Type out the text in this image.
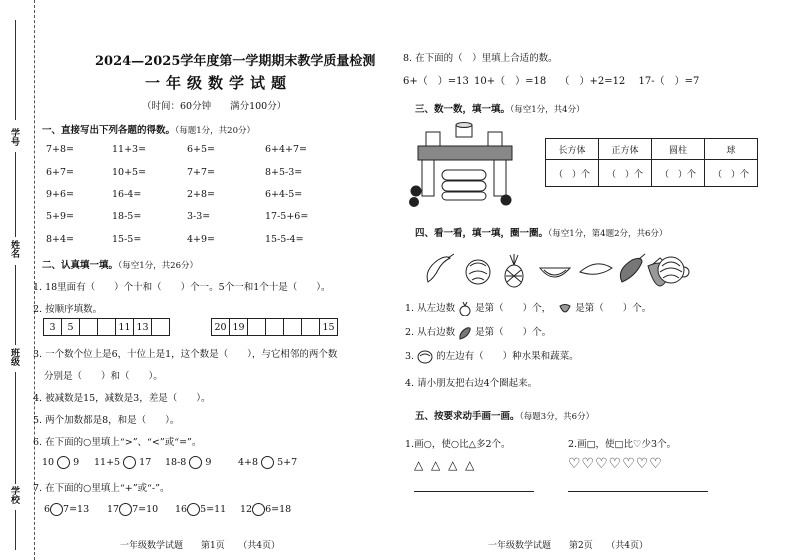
学号
姓名
班级
学校
2024—2025学年度第一学期期末教学质量检测
一年级数学试题
（时间：60分钟　　满分100分）
一、直接写出下列各题的得数。（每题1分，共20分）
7+8=	11+3=	6+5=	6+4+7=
6+7=	10+5=	7+7=	8+5-3=
9+6=	16-4=	2+8=	6+4-5=
5+9=	18-5=	3-3=	17-5+6=
8+4=	15-5=	4+9=	15-5-4=
二、认真填一填。（每空1分，共26分）
1. 18里面有（　　）个十和（　　）个一。5个一和1个十是（　　）。
2. 按顺序填数。
3	5			11	13		20	19					15
3. 一个数个位上是6，十位上是1，这个数是（　　），与它相邻的两个数
分别是（　　）和（　　）。
4. 被减数是15，减数是3，差是（　　）。
5. 两个加数都是8，和是（　　）。
6. 在下面的○里填上“>”、“<”或“=”。
10 9 11+5 17 18-8 9	4+8 5+7
7. 在下面的○里填上“+”或“-”。
6 7=13 17 7=10 16 5=11 12 6=18
一年级数学试题　　第1页　　（共4页）
8. 在下面的（　）里填上合适的数。
6+（　）=13 10+（　）=18 （　）+2=12 17-（　）=7
三、数一数，填一填。（每空1分，共4分）
长方体	正方体	圆柱	球
（　）个	（　）个	（　）个	（　）个
四、看一看，填一填，圈一圈。（每空1分，第4题2分，共6分）
1. 从左边数 是第（　　）个，	是第（　　）个。
2. 从右边数 是第（　　）个。
3. 的左边有（　　）种水果和蔬菜。
4. 请小朋友把右边4个圈起来。
五、按要求动手画一画。（每题3分，共6分）
1.画○，使○比△多2个。	2.画□，使□比♡少3个。
△ △ △ △	♡♡♡♡♡♡♡
一年级数学试题　　第2页　　（共4页）
